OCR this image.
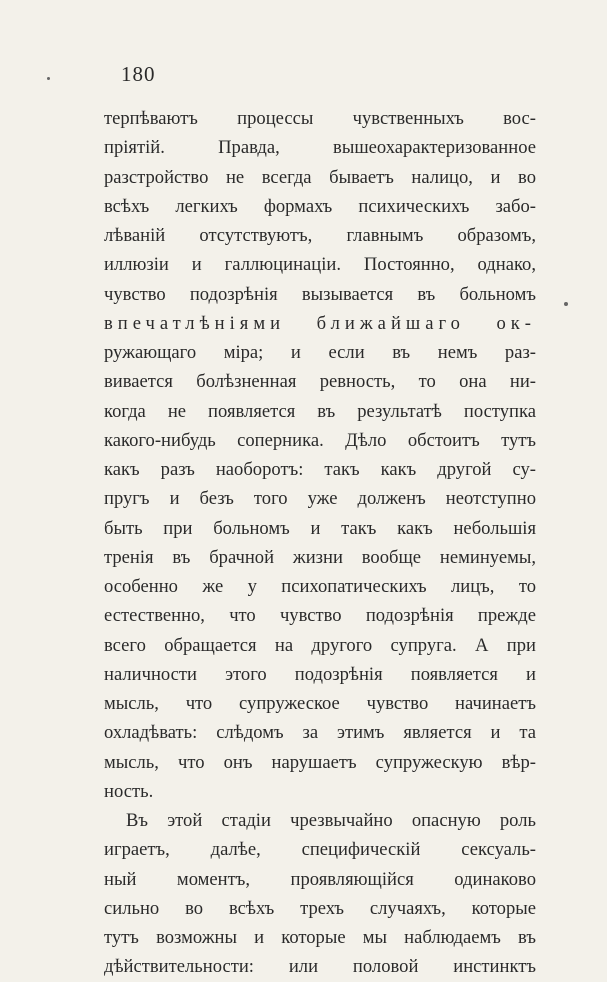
180
терпѣваютъ процессы чувственныхъ вос-
пріятій. Правда, вышеохарактеризованное
разстройство не всегда бываетъ налицо, и во
всѣхъ легкихъ формахъ психическихъ забо-
лѣваній отсутствуютъ, главнымъ образомъ,
иллюзіи и галлюцинаціи. Постоянно, однако,
чувство подозрѣнія вызывается въ больномъ
впечатлѣніями ближайшаго ок-
ружающаго міра; и если въ немъ раз-
вивается болѣзненная ревность, то она ни-
когда не появляется въ результатѣ поступка
какого-нибудь соперника. Дѣло обстоитъ тутъ
какъ разъ наоборотъ: такъ какъ другой су-
пругъ и безъ того уже долженъ неотступно
быть при больномъ и такъ какъ небольшія
тренія въ брачной жизни вообще неминуемы,
особенно же у психопатическихъ лицъ, то
естественно, что чувство подозрѣнія прежде
всего обращается на другого супруга. А при
наличности этого подозрѣнія появляется и
мысль, что супружеское чувство начинаетъ
охладѣвать: слѣдомъ за этимъ является и та
мысль, что онъ нарушаетъ супружескую вѣр-
ность.
Въ этой стадіи чрезвычайно опасную роль
играетъ, далѣе, специфическій сексуаль-
ный моментъ, проявляющійся одинаково
сильно во всѣхъ трехъ случаяхъ, которые
тутъ возможны и которые мы наблюдаемъ въ
дѣйствительности: или половой инстинктъ
